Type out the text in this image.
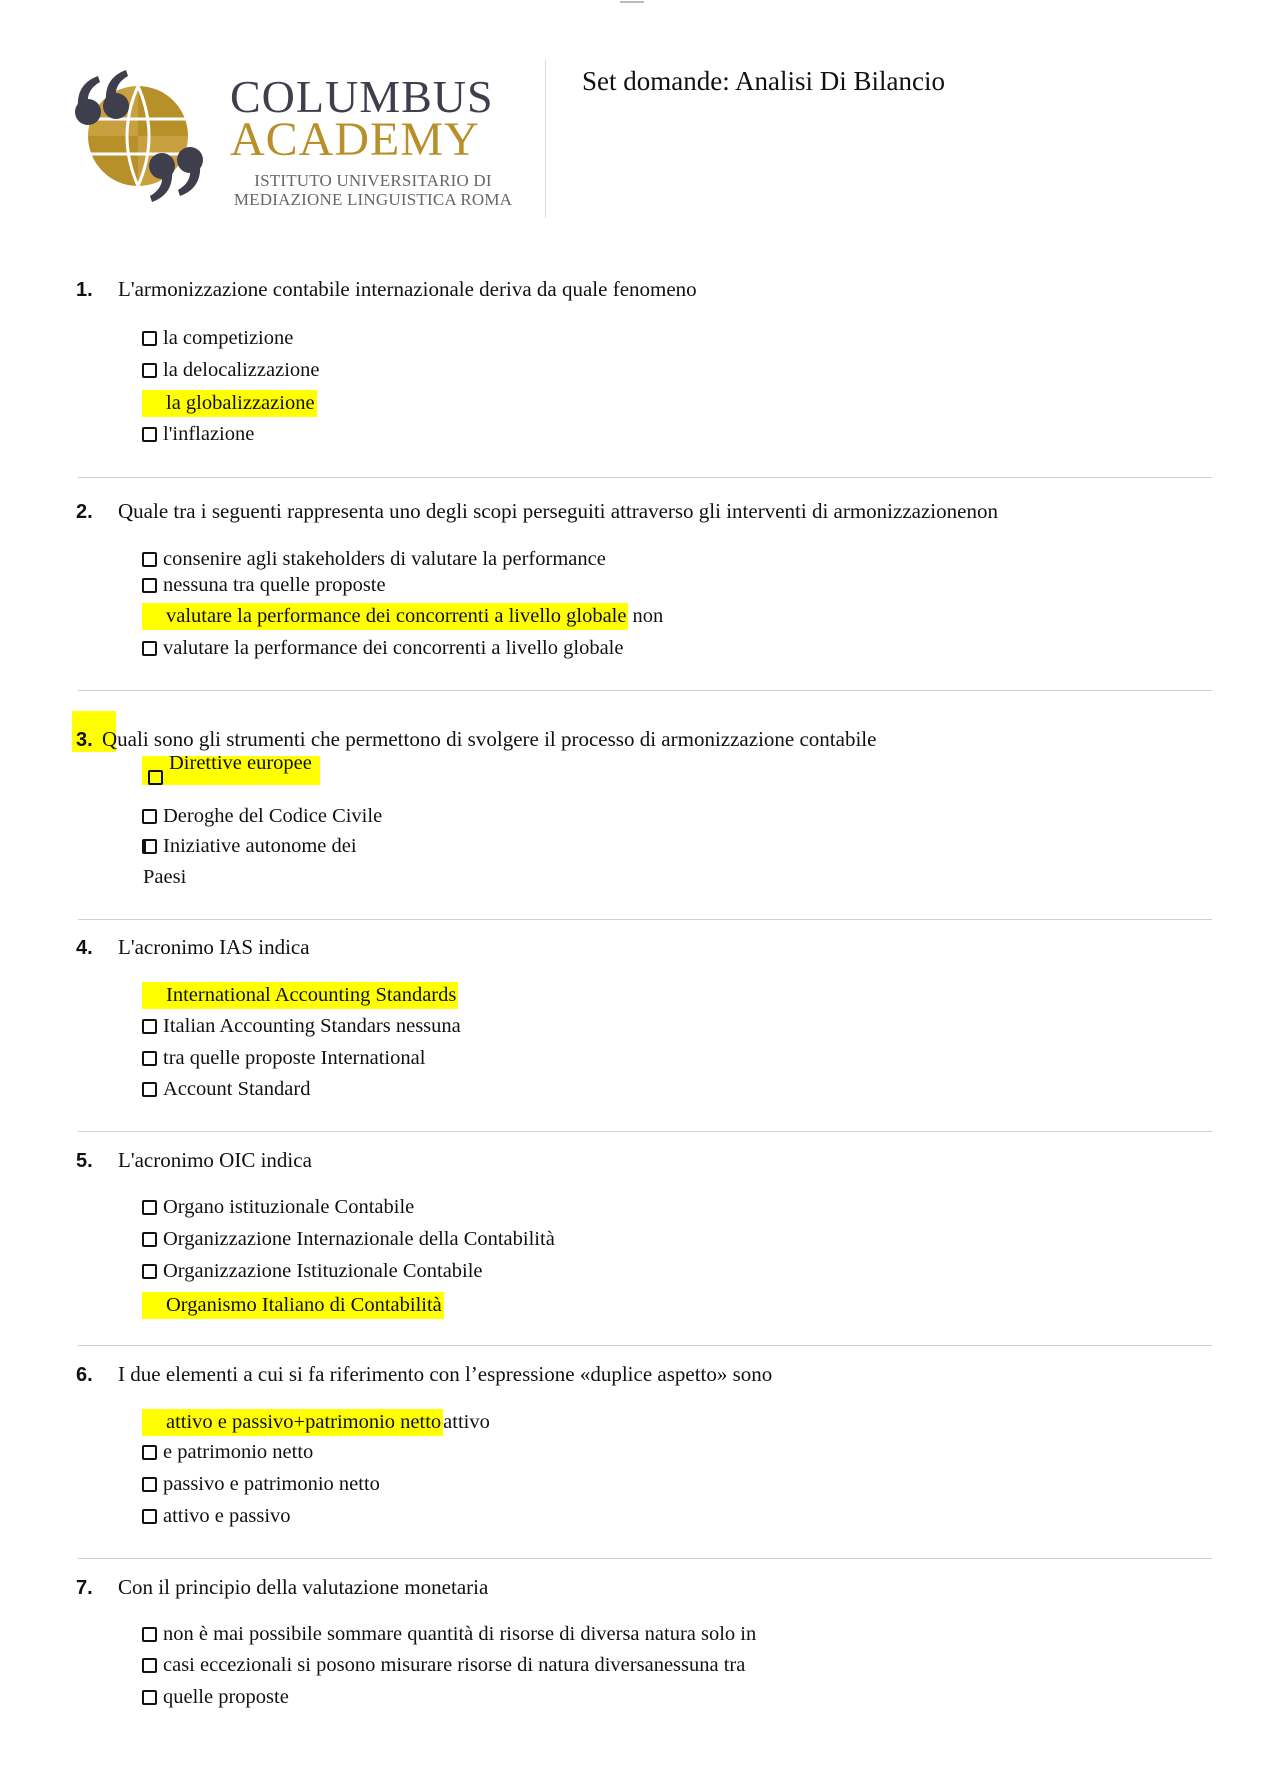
COLUMBUS
ACADEMY
ISTITUTO UNIVERSITARIO DI
MEDIAZIONE LINGUISTICA ROMA
Set domande: Analisi Di Bilancio
1.	L'armonizzazione contabile internazionale deriva da quale fenomeno
la competizione
la delocalizzazione
la globalizzazione
l'inflazione
2.	Quale tra i seguenti rappresenta uno degli scopi perseguiti attraverso gli interventi di armonizzazionenon
consenire agli stakeholders di valutare la performance
nessuna tra quelle proposte
valutare la performance dei concorrenti a livello globale non
valutare la performance dei concorrenti a livello globale
3. Quali sono gli strumenti che permettono di svolgere il processo di armonizzazione contabile
Direttive europee
Deroghe del Codice Civile
Iniziative autonome dei
Paesi
4.	L'acronimo IAS indica
International Accounting Standards
Italian Accounting Standars nessuna
tra quelle proposte International
Account Standard
5.	L'acronimo OIC indica
Organo istituzionale Contabile
Organizzazione Internazionale della Contabilità
Organizzazione Istituzionale Contabile
Organismo Italiano di Contabilità
6.	I due elementi a cui si fa riferimento con l’espressione «duplice aspetto» sono
attivo e passivo+patrimonio netto attivo
e patrimonio netto
passivo e patrimonio netto
attivo e passivo
7.	Con il principio della valutazione monetaria
non è mai possibile sommare quantità di risorse di diversa natura solo in
casi eccezionali si posono misurare risorse di natura diversanessuna tra
quelle proposte
